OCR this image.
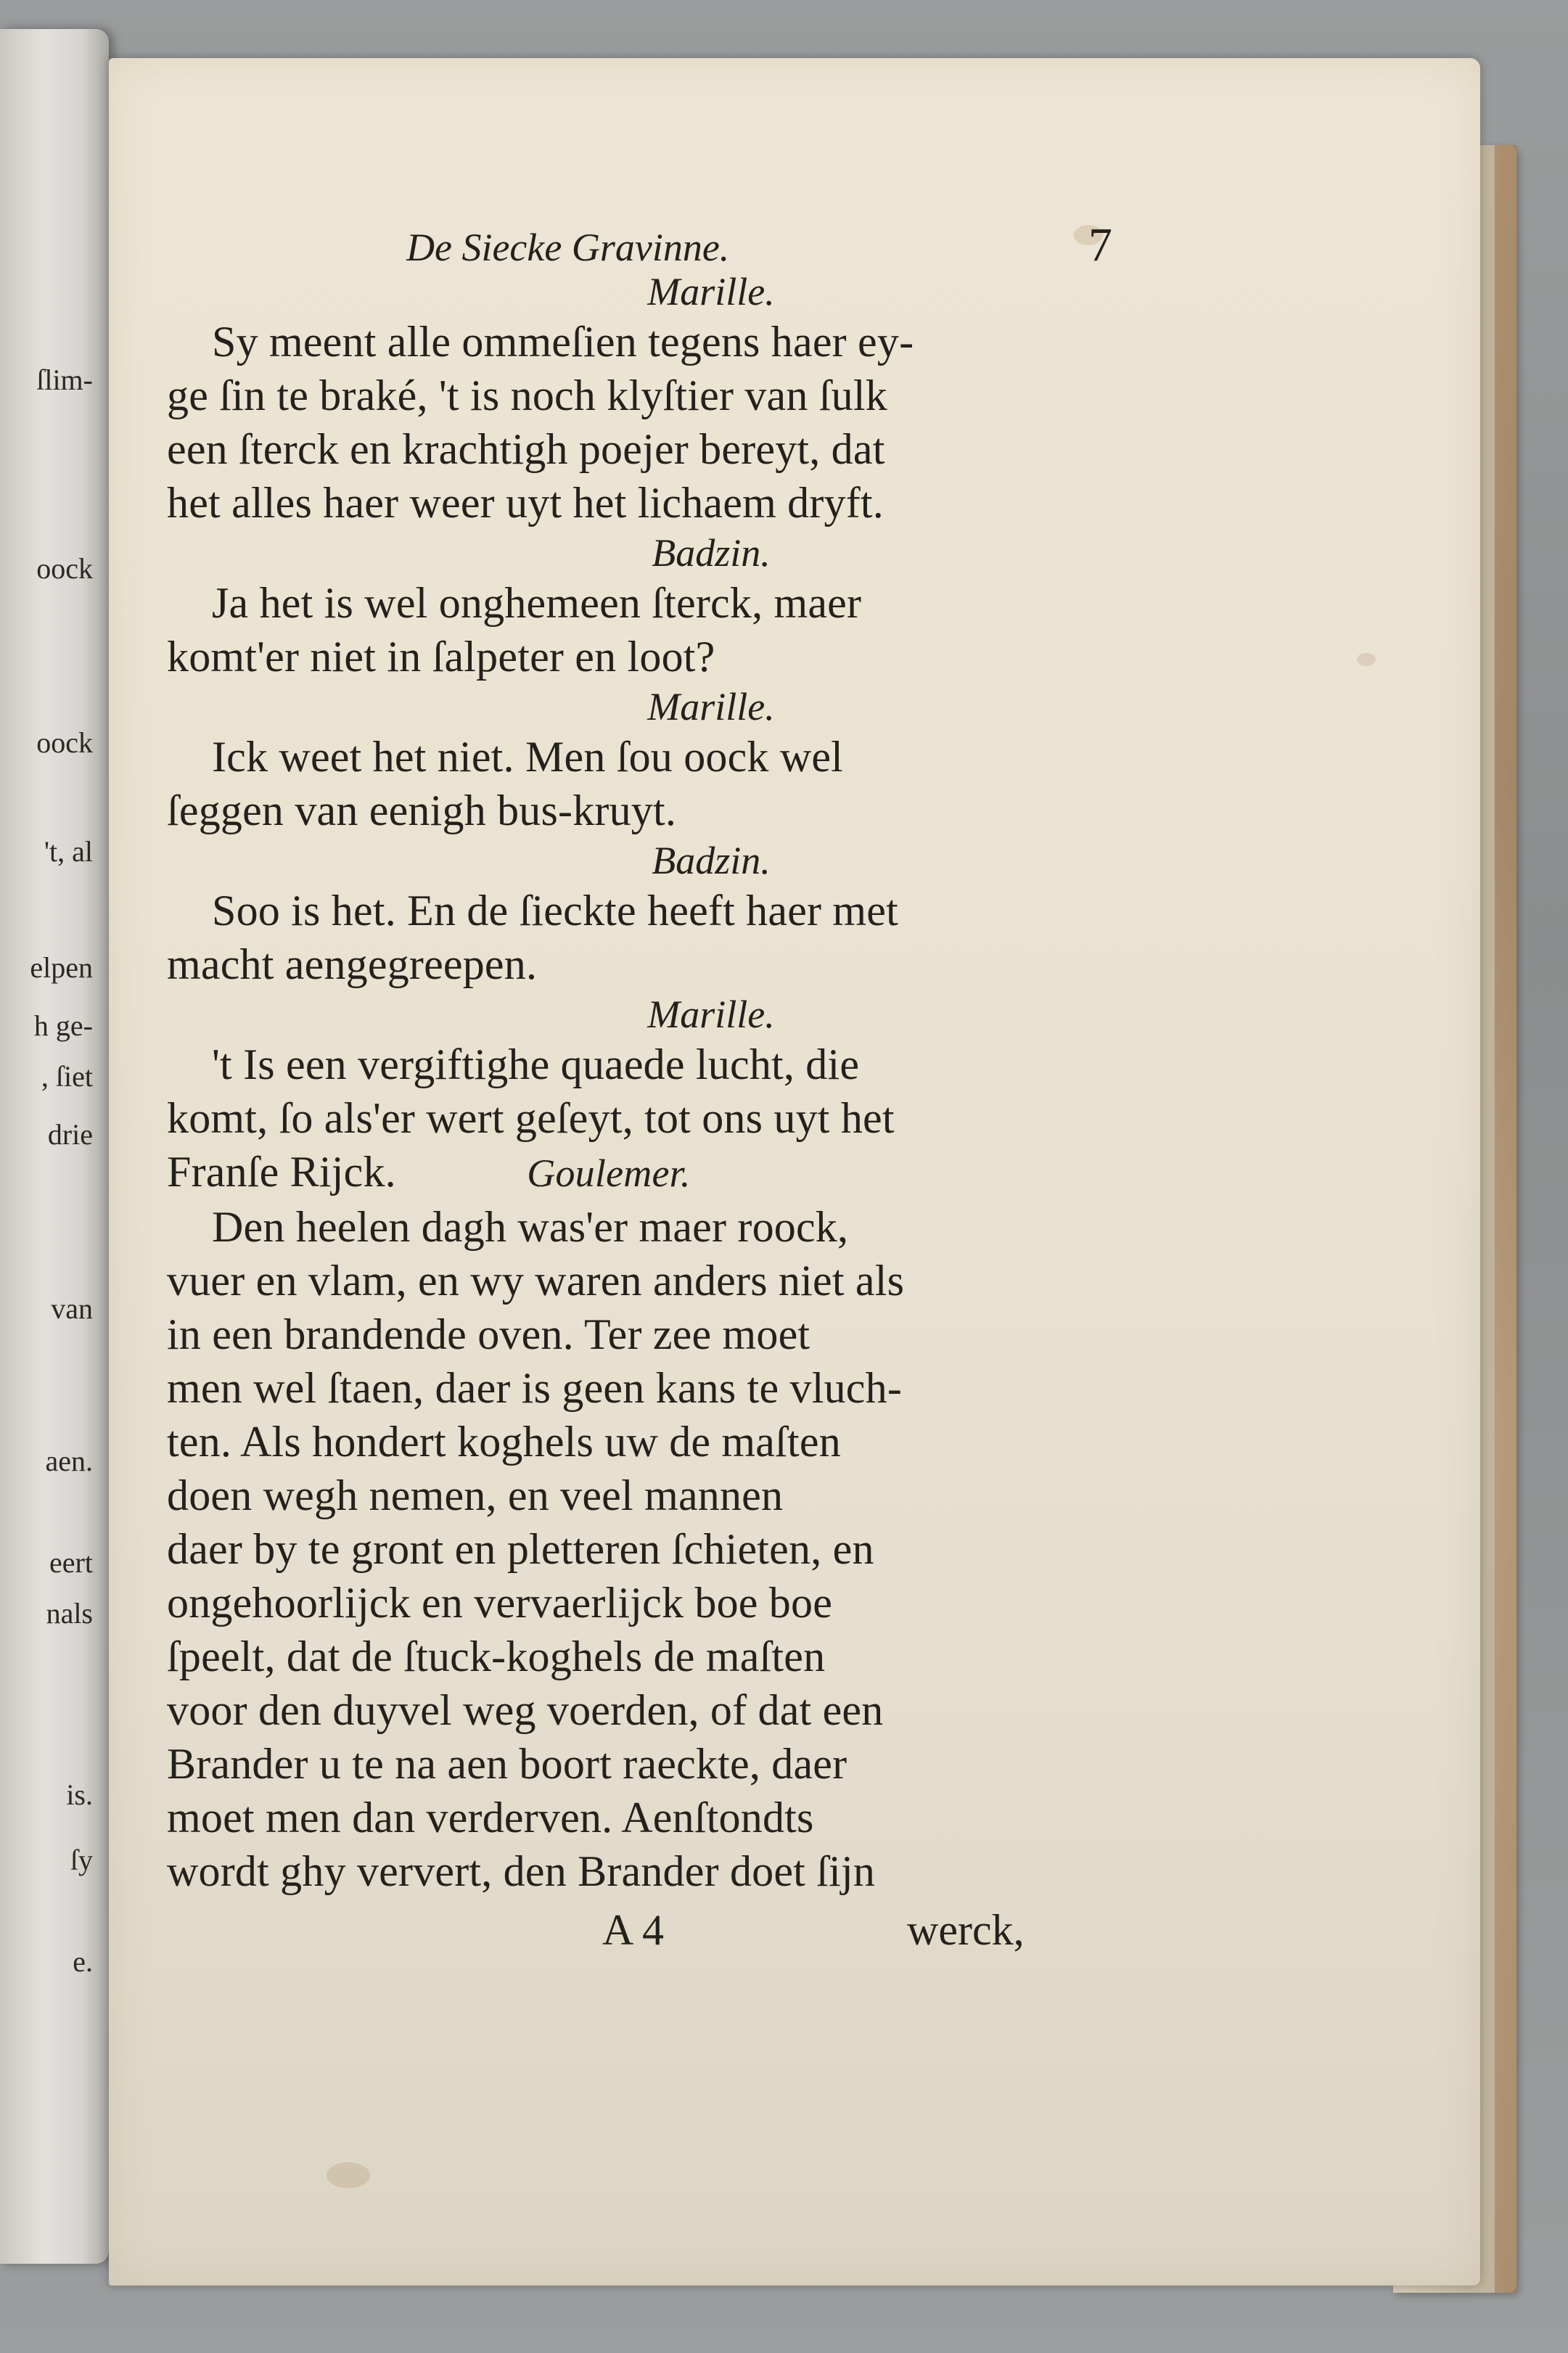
ſlim-
oock
oock
't, al
elpen
h ge-
, ſiet
drie
van
aen.
eert
nals
is.
ſy
e.
De Siecke Gravinne.	7
Marille.
Sy meent alle ommeſien tegens haer ey-
ge ſin te braké, 't is noch klyſtier van ſulk
een ſterck en krachtigh poejer bereyt, dat
het alles haer weer uyt het lichaem dryft.
Badzin.
Ja het is wel onghemeen ſterck, maer
komt'er niet in ſalpeter en loot?
Marille.
Ick weet het niet. Men ſou oock wel
ſeggen van eenigh bus-kruyt.
Badzin.
Soo is het. En de ſieckte heeft haer met
macht aengegreepen.
Marille.
't Is een vergiftighe quaede lucht, die
komt, ſo als'er wert geſeyt, tot ons uyt het
Franſe Rijck.	Goulemer.
Den heelen dagh was'er maer roock,
vuer en vlam, en wy waren anders niet als
in een brandende oven. Ter zee moet
men wel ſtaen, daer is geen kans te vluch-
ten. Als hondert koghels uw de maſten
doen wegh nemen, en veel mannen
daer by te gront en pletteren ſchieten, en
ongehoorlijck en vervaerlijck boe boe
ſpeelt, dat de ſtuck-koghels de maſten
voor den duyvel weg voerden, of dat een
Brander u te na aen boort raeckte, daer
moet men dan verderven. Aenſtondts
wordt ghy ververt, den Brander doet ſijn
A 4	werck,
